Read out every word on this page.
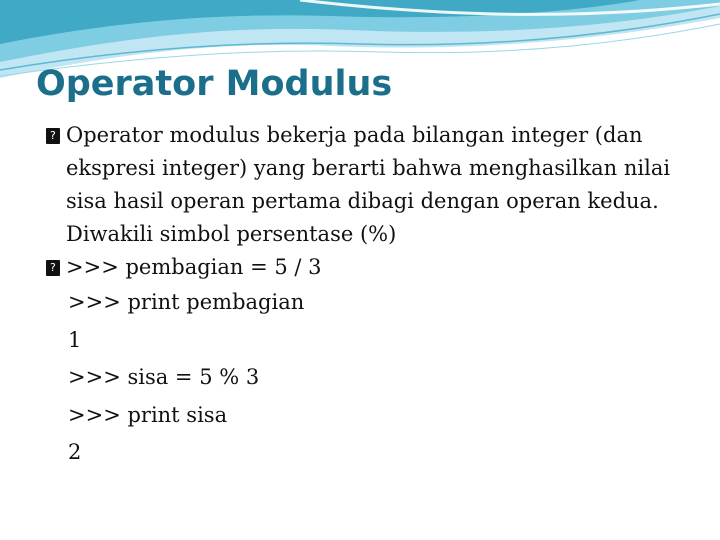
Operator Modulus
? Operator modulus bekerja pada bilangan integer (dan ekspresi integer) yang berarti bahwa menghasilkan nilai sisa hasil operan pertama dibagi dengan operan kedua. Diwakili simbol persentase (%)
? >>> pembagian = 5 / 3
>>> print pembagian
1
>>> sisa = 5 % 3
>>> print sisa
2
